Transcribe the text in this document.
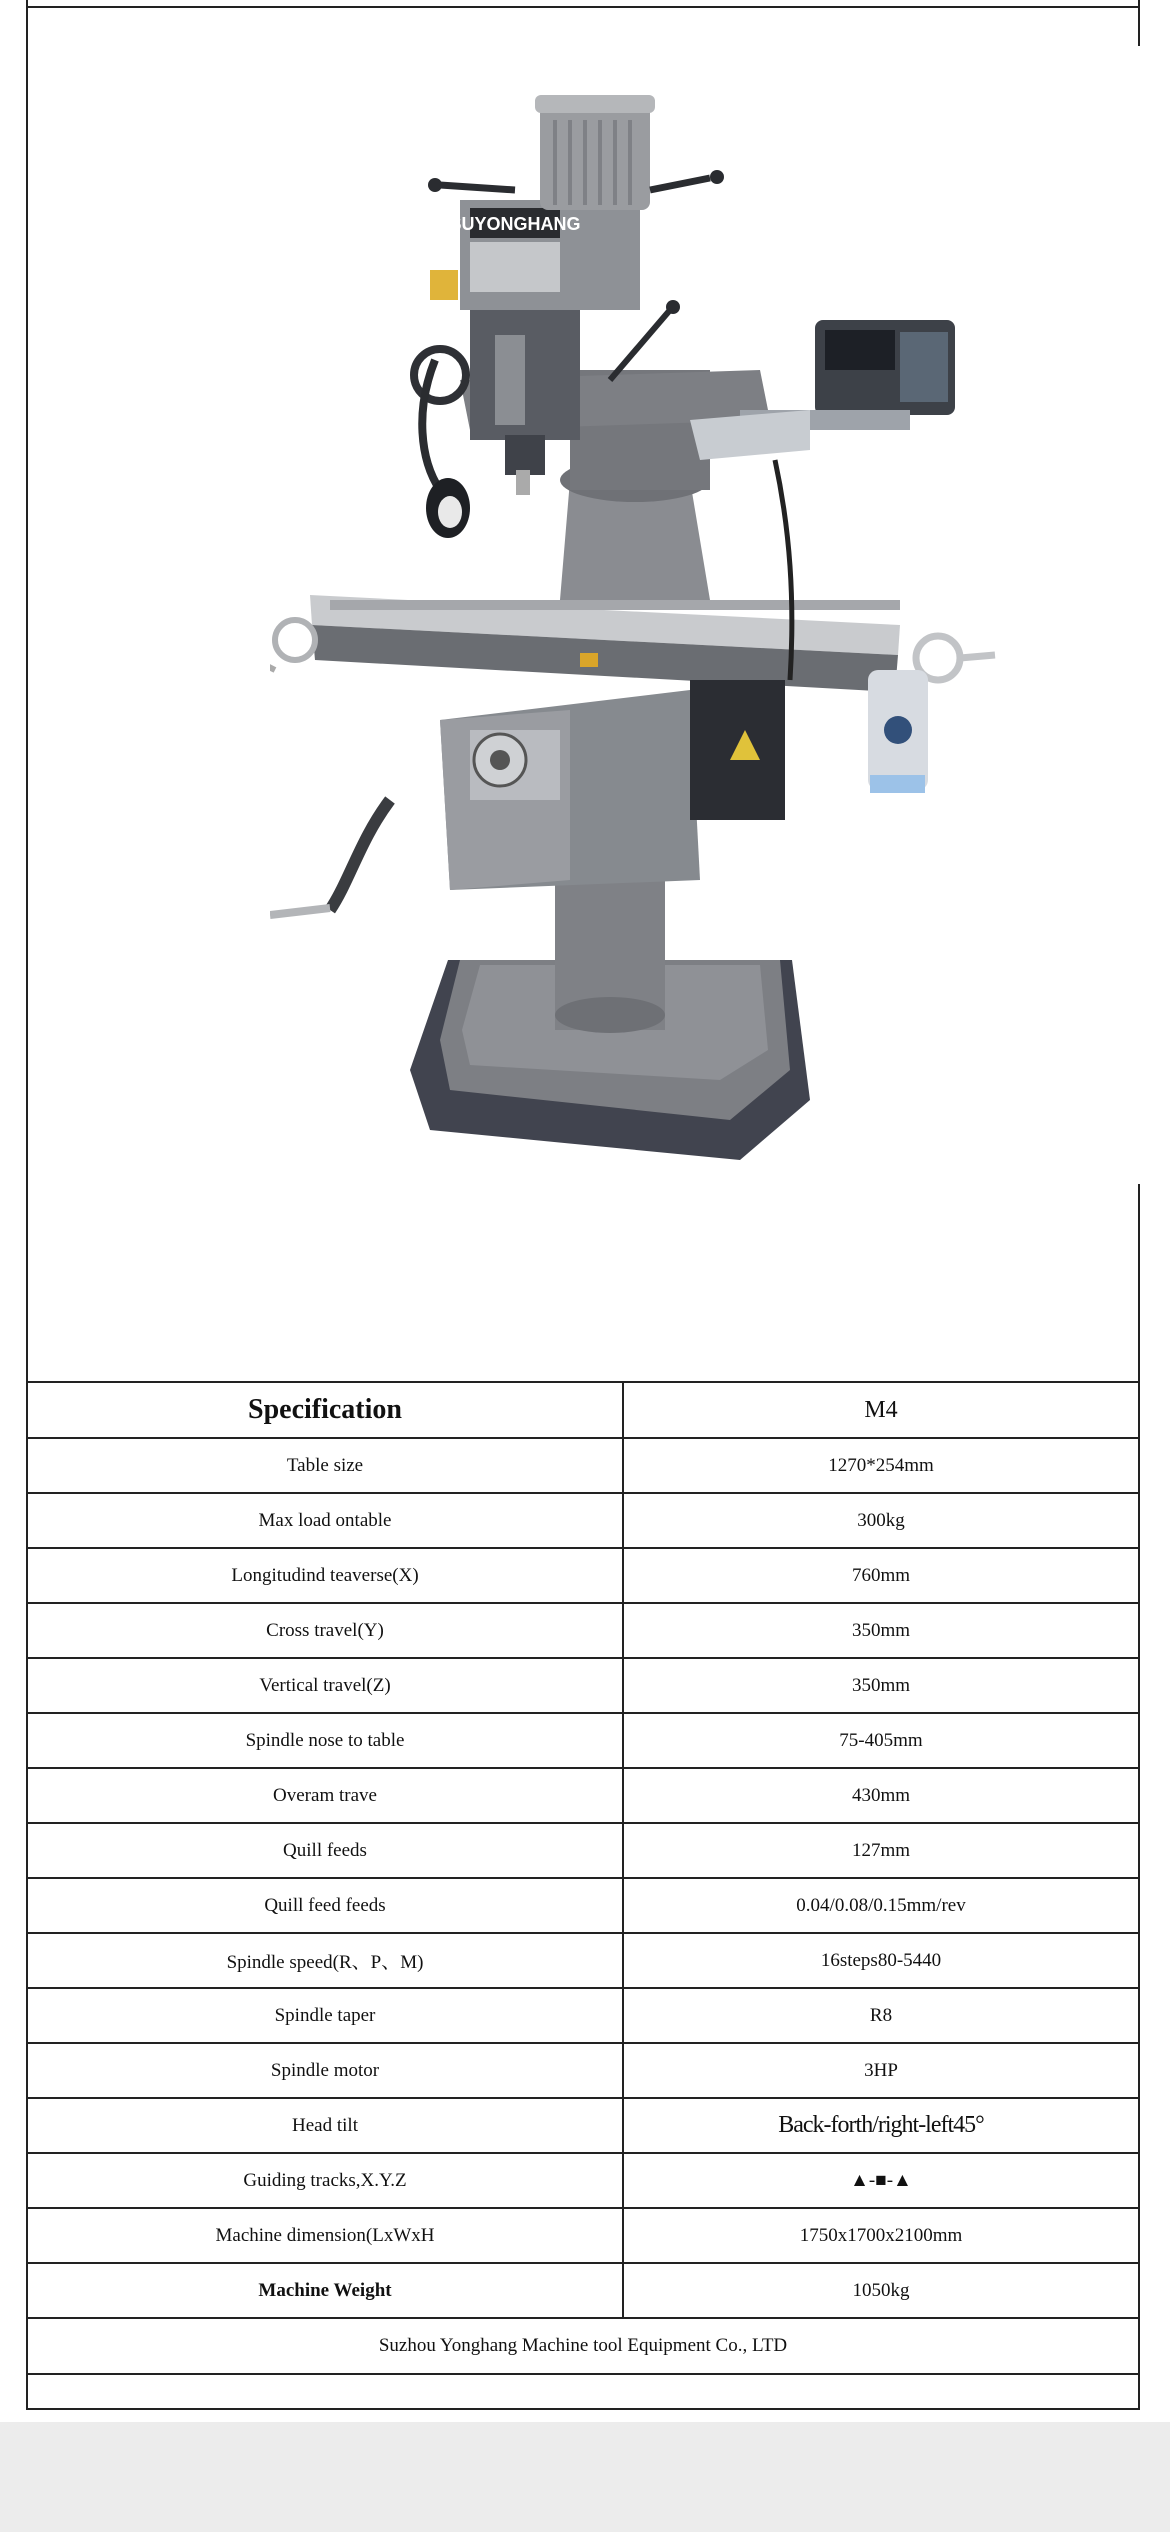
SUYONGHANG
Specification	M4
Table size	1270*254mm
Max load ontable	300kg
Longitudind teaverse(X)	760mm
Cross travel(Y)	350mm
Vertical travel(Z)	350mm
Spindle nose to table	75-405mm
Overam trave	430mm
Quill feeds	127mm
Quill feed feeds	0.04/0.08/0.15mm/rev
Spindle speed(R、P、M)	16steps80-5440
Spindle taper	R8
Spindle motor	3HP
Head tilt	Back-forth/right-left45°
Guiding tracks,X.Y.Z	▲-■-▲
Machine dimension(LxWxH	1750x1700x2100mm
Machine Weight	1050kg
Suzhou Yonghang Machine tool Equipment Co., LTD	
